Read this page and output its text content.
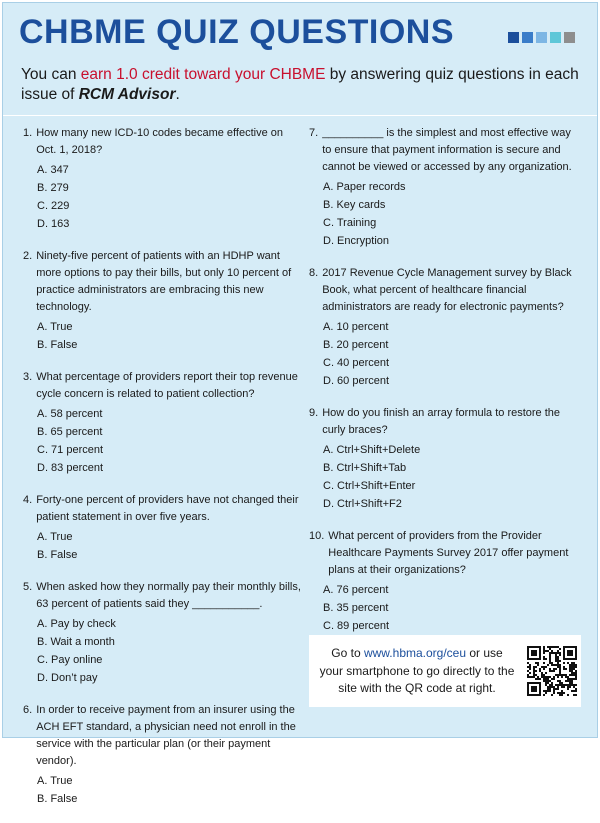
CHBME QUIZ QUESTIONS
You can earn 1.0 credit toward your CHBME by answering quiz questions in each issue of RCM Advisor.
1. How many new ICD-10 codes became effective on Oct. 1, 2018?
A. 347
B. 279
C. 229
D. 163
2. Ninety-five percent of patients with an HDHP want more options to pay their bills, but only 10 percent of practice administrators are embracing this new technology.
A. True
B. False
3. What percentage of providers report their top revenue cycle concern is related to patient collection?
A. 58 percent
B. 65 percent
C. 71 percent
D. 83 percent
4. Forty-one percent of providers have not changed their patient statement in over five years.
A. True
B. False
5. When asked how they normally pay their monthly bills, 63 percent of patients said they ___________.
A. Pay by check
B. Wait a month
C. Pay online
D. Don’t pay
6. In order to receive payment from an insurer using the ACH EFT standard, a physician need not enroll in the service with the particular plan (or their payment vendor).
A. True
B. False
7. __________ is the simplest and most effective way to ensure that payment information is secure and cannot be viewed or accessed by any organization.
A. Paper records
B. Key cards
C. Training
D. Encryption
8. 2017 Revenue Cycle Management survey by Black Book, what percent of healthcare financial administrators are ready for electronic payments?
A. 10 percent
B. 20 percent
C. 40 percent
D. 60 percent
9. How do you finish an array formula to restore the curly braces?
A. Ctrl+Shift+Delete
B. Ctrl+Shift+Tab
C. Ctrl+Shift+Enter
D. Ctrl+Shift+F2
10. What percent of providers from the Provider Healthcare Payments Survey 2017 offer payment plans at their organizations?
A. 76 percent
B. 35 percent
C. 89 percent
Go to www.hbma.org/ceu or use your smartphone to go directly to the site with the QR code at right.
